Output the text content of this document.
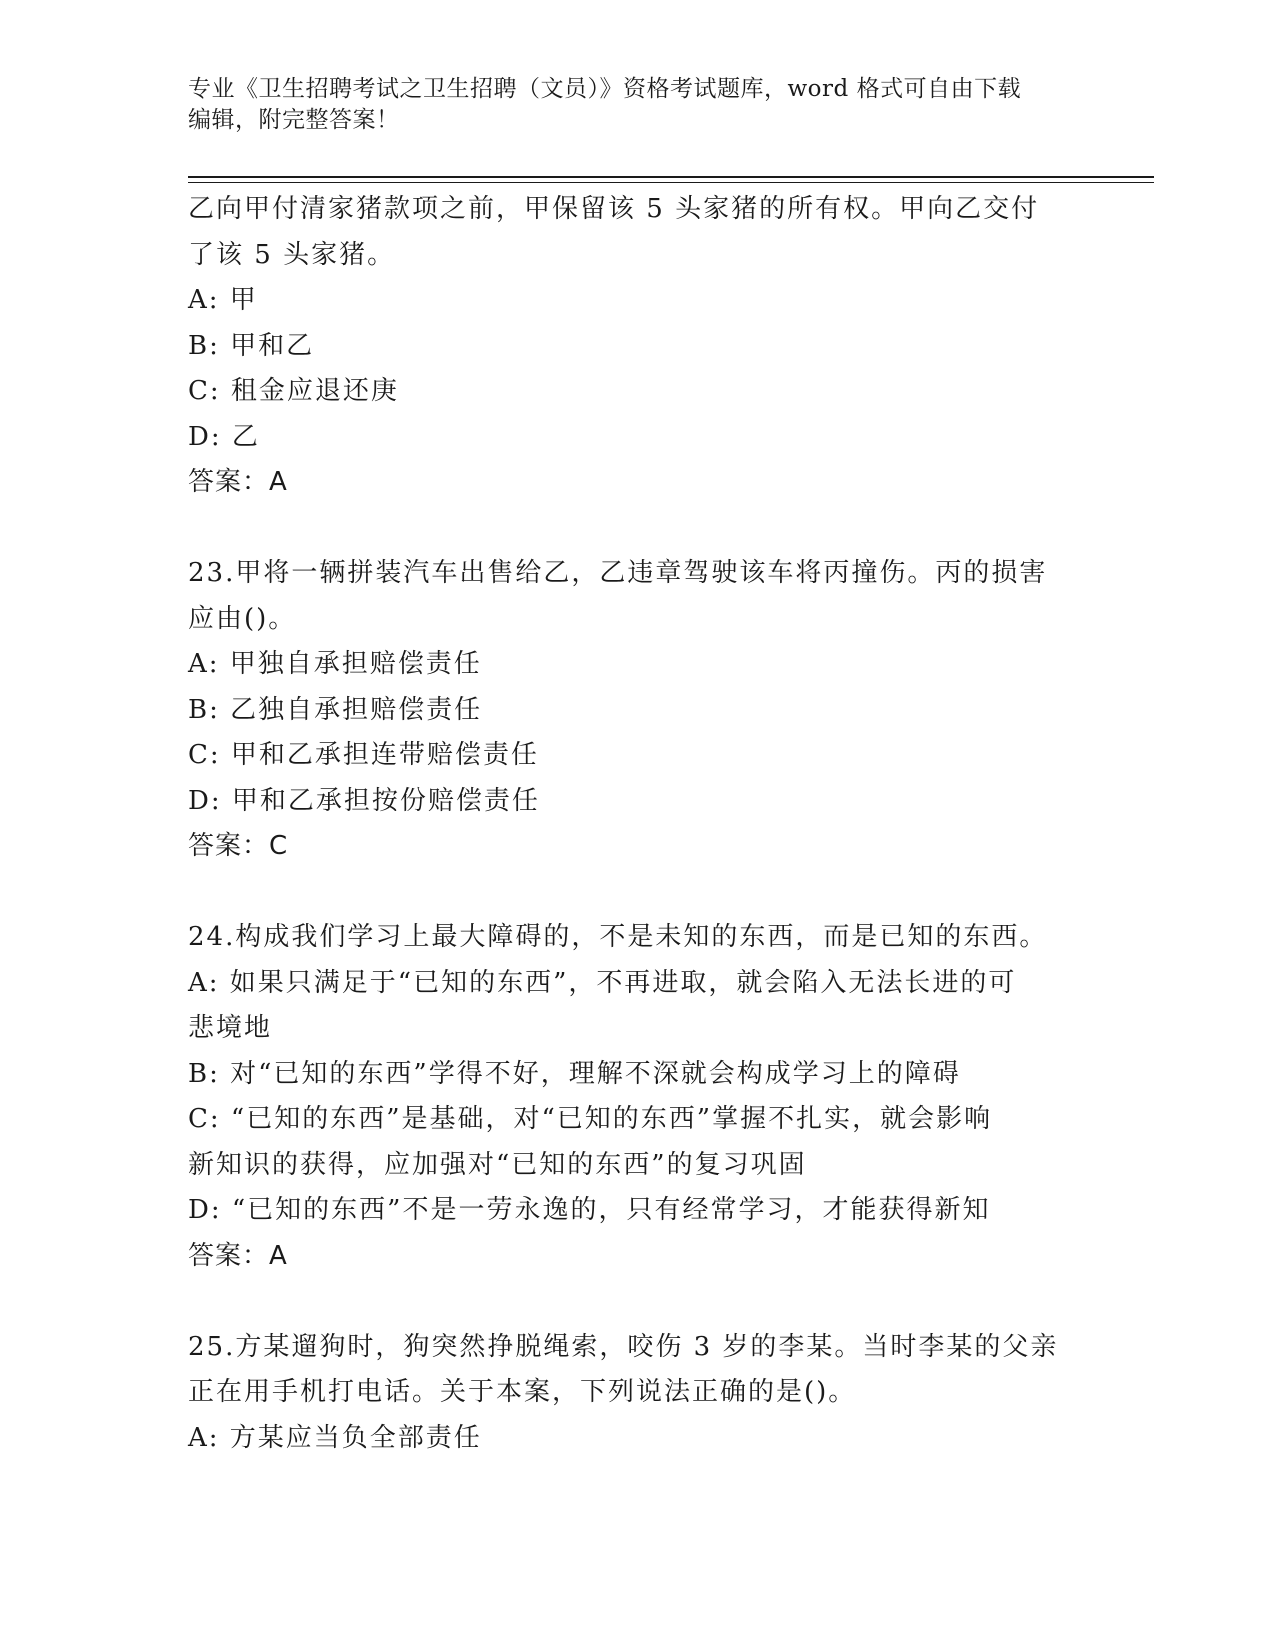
专业《卫生招聘考试之卫生招聘（文员）》资格考试题库，word 格式可自由下载
编辑，附完整答案！
乙向甲付清家猪款项之前，甲保留该 5 头家猪的所有权。甲向乙交付
了该 5 头家猪。
A: 甲
B: 甲和乙
C: 租金应退还庚
D: 乙
答案：A
23.甲将一辆拼装汽车出售给乙，乙违章驾驶该车将丙撞伤。丙的损害
应由()。
A: 甲独自承担赔偿责任
B: 乙独自承担赔偿责任
C: 甲和乙承担连带赔偿责任
D: 甲和乙承担按份赔偿责任
答案：C
24.构成我们学习上最大障碍的，不是未知的东西，而是已知的东西。
A: 如果只满足于“已知的东西”，不再进取，就会陷入无法长进的可
悲境地
B: 对“已知的东西”学得不好，理解不深就会构成学习上的障碍
C: “已知的东西”是基础，对“已知的东西”掌握不扎实，就会影响
新知识的获得，应加强对“已知的东西”的复习巩固
D: “已知的东西”不是一劳永逸的，只有经常学习，才能获得新知
答案：A
25.方某遛狗时，狗突然挣脱绳索，咬伤 3 岁的李某。当时李某的父亲
正在用手机打电话。关于本案，下列说法正确的是()。
A: 方某应当负全部责任
